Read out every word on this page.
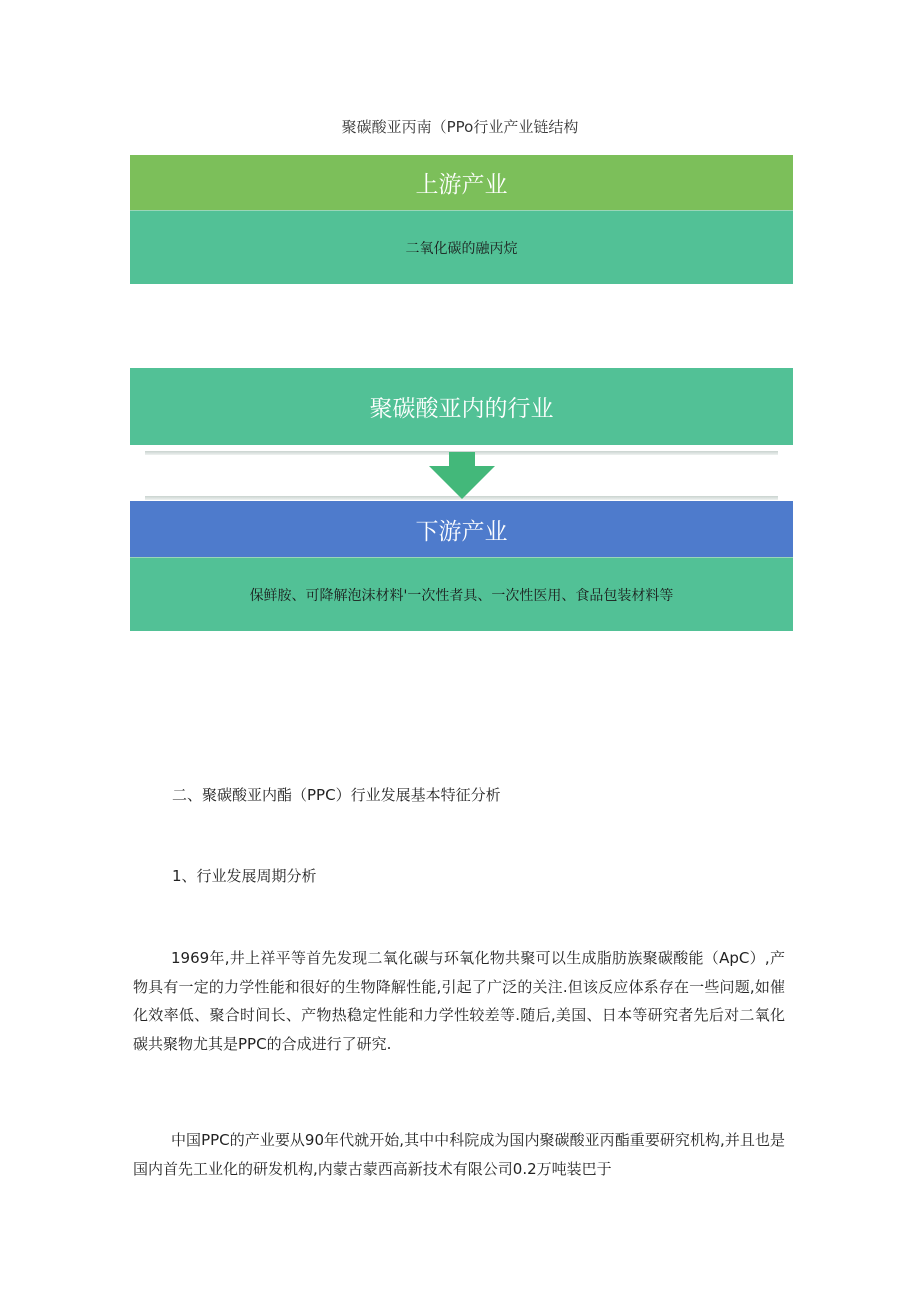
聚碳酸亚丙南（PPo行业产业链结构
上游产业
二氧化碳的融丙烷
聚碳酸亚内的行业
下游产业
保鲜胺、可降解泡沫材料'一次性者具、一次性医用、食品包装材料等
二、聚碳酸亚内酯（PPC）行业发展基本特征分析
1、行业发展周期分析

1969年,井上祥平等首先发现二氧化碳与环氧化物共聚可以生成脂肪族聚碳酸能（ApC）,产物具有一定的力学性能和很好的生物降解性能,引起了广泛的关注.但该反应体系存在一些问题,如催化效率低、聚合时间长、产物热稳定性能和力学性较差等.随后,美国、日本等研究者先后对二氧化碳共聚物尤其是PPC的合成进行了研究.

中国PPC的产业要从90年代就开始,其中中科院成为国内聚碳酸亚丙酯重要研究机构,并且也是国内首先工业化的研发机构,内蒙古蒙西高新技术有限公司0.2万吨装巴于
